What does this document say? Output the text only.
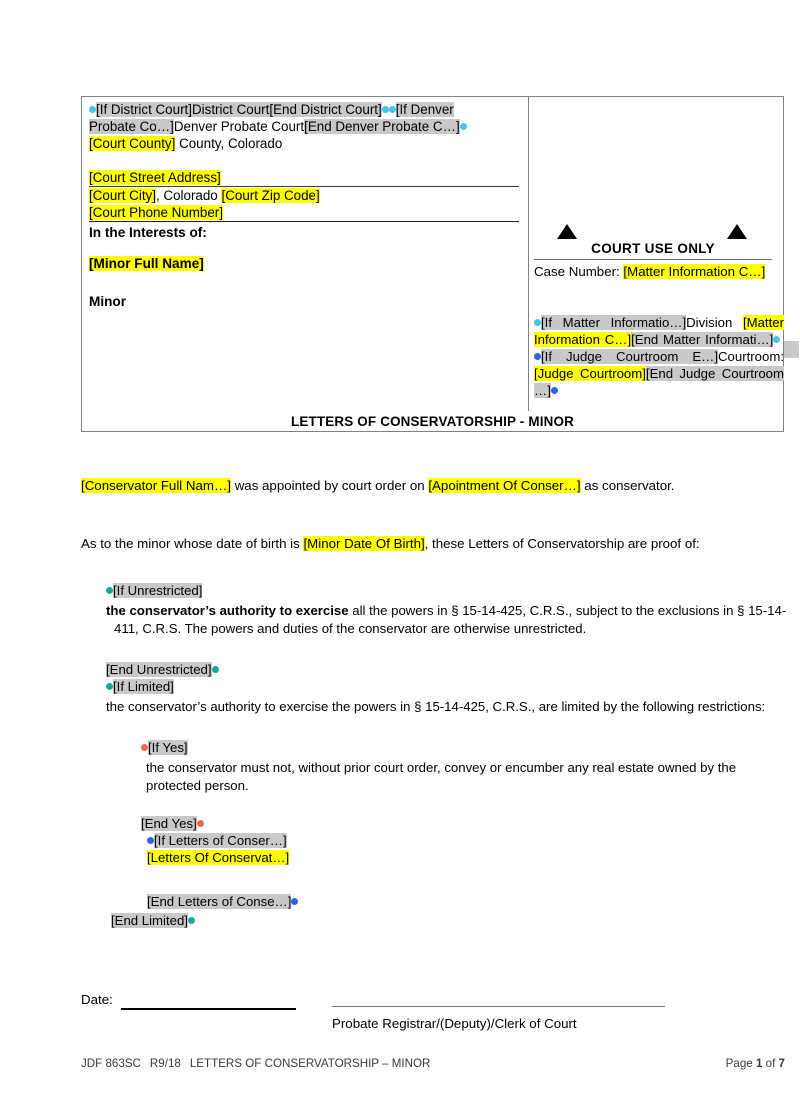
[If District Court]District Court[End District Court] [If Denver
Probate Co…]Denver Probate Court[End Denver Probate C…]
[Court County] County, Colorado
[Court Street Address]
[Court City], Colorado [Court Zip Code]
[Court Phone Number]
In the Interests of:
[Minor Full Name]
Minor
COURT USE ONLY
Case Number: [Matter Information C…]
[If Matter Informatio…]Division [Matter Information C…][End Matter Informati…]  [If Judge Courtroom E…]Courtroom: [Judge Courtroom][End Judge Courtroom …]
LETTERS OF CONSERVATORSHIP - MINOR
[Conservator Full Nam…] was appointed by court order on [Apointment Of Conser…] as conservator.
As to the minor whose date of birth is [Minor Date Of Birth], these Letters of Conservatorship are proof of:
[If Unrestricted]
the conservator’s authority to exercise all the powers in § 15-14-425, C.R.S., subject to the exclusions in § 15-14-411, C.R.S. The powers and duties of the conservator are otherwise unrestricted.
[End Unrestricted]
[If Limited]
the conservator’s authority to exercise the powers in § 15-14-425, C.R.S., are limited by the following restrictions:
[If Yes]
the conservator must not, without prior court order, convey or encumber any real estate owned by the protected person.
[End Yes]
[If Letters of Conser…]
[Letters Of Conservat…]
[End Letters of Conse…]
[End Limited]
Date:
Probate Registrar/(Deputy)/Clerk of Court
JDF 863SC R9/18 LETTERS OF CONSERVATORSHIP – MINOR	Page 1 of 7
